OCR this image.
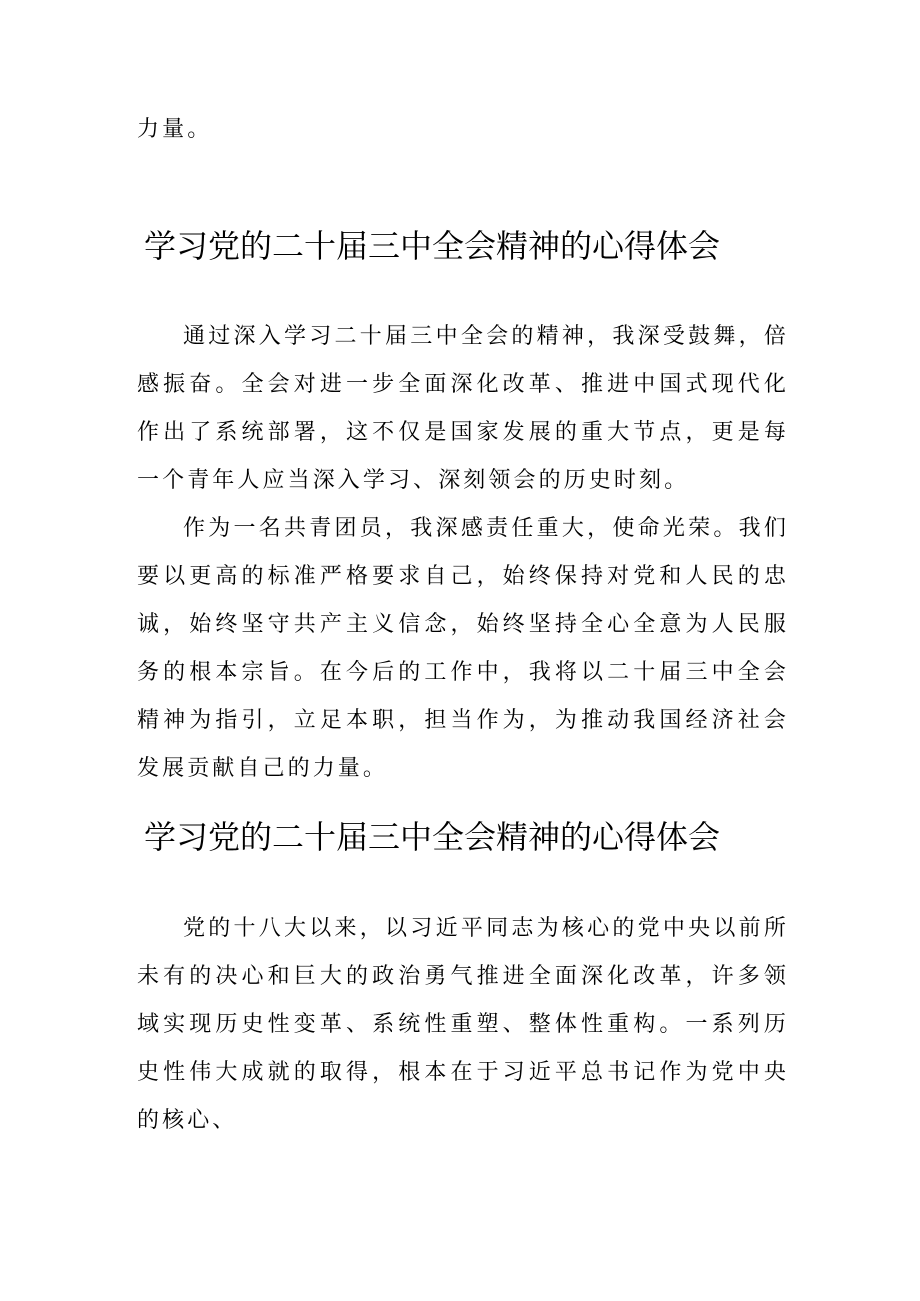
力量。

学习党的二十届三中全会精神的心得体会

通过深入学习二十届三中全会的精神，我深受鼓舞，倍感振奋。全会对进一步全面深化改革、推进中国式现代化作出了系统部署，这不仅是国家发展的重大节点，更是每一个青年人应当深入学习、深刻领会的历史时刻。

作为一名共青团员，我深感责任重大，使命光荣。我们要以更高的标准严格要求自己，始终保持对党和人民的忠诚，始终坚守共产主义信念，始终坚持全心全意为人民服务的根本宗旨。在今后的工作中，我将以二十届三中全会精神为指引，立足本职，担当作为，为推动我国经济社会发展贡献自己的力量。

学习党的二十届三中全会精神的心得体会

党的十八大以来，以习近平同志为核心的党中央以前所未有的决心和巨大的政治勇气推进全面深化改革，许多领域实现历史性变革、系统性重塑、整体性重构。一系列历史性伟大成就的取得，根本在于习近平总书记作为党中央的核心、
